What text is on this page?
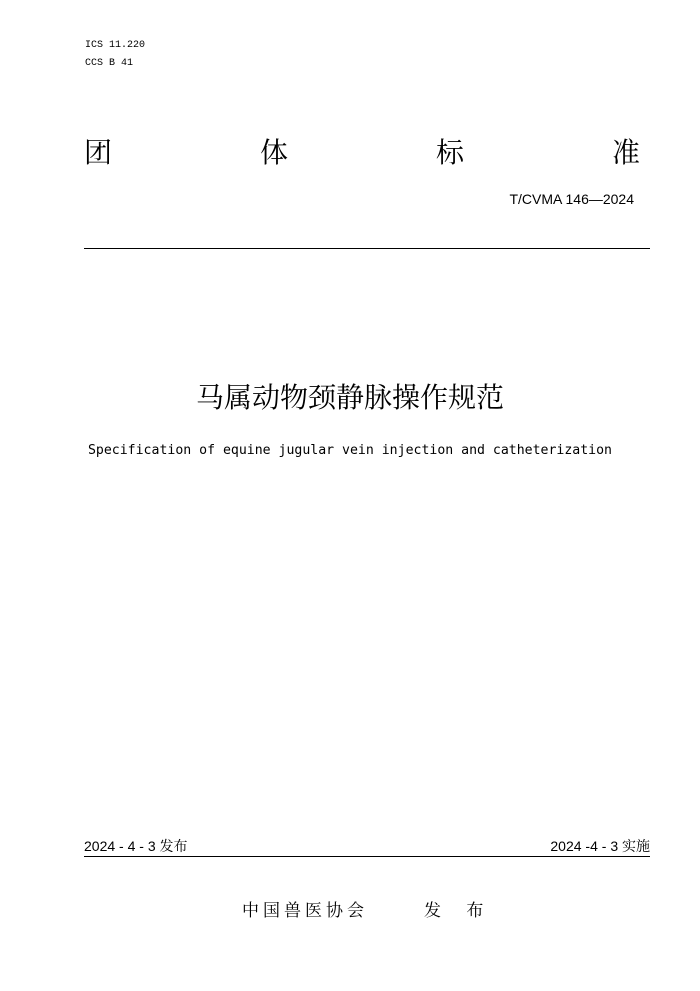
ICS 11.220
CCS B 41
团	体	标	准
T/CVMA 146—2024
马属动物颈静脉操作规范
Specification of equine jugular vein injection and catheterization
2024 - 4 - 3 发布	2024 -4 - 3 实施
中国兽医协会	发 布
